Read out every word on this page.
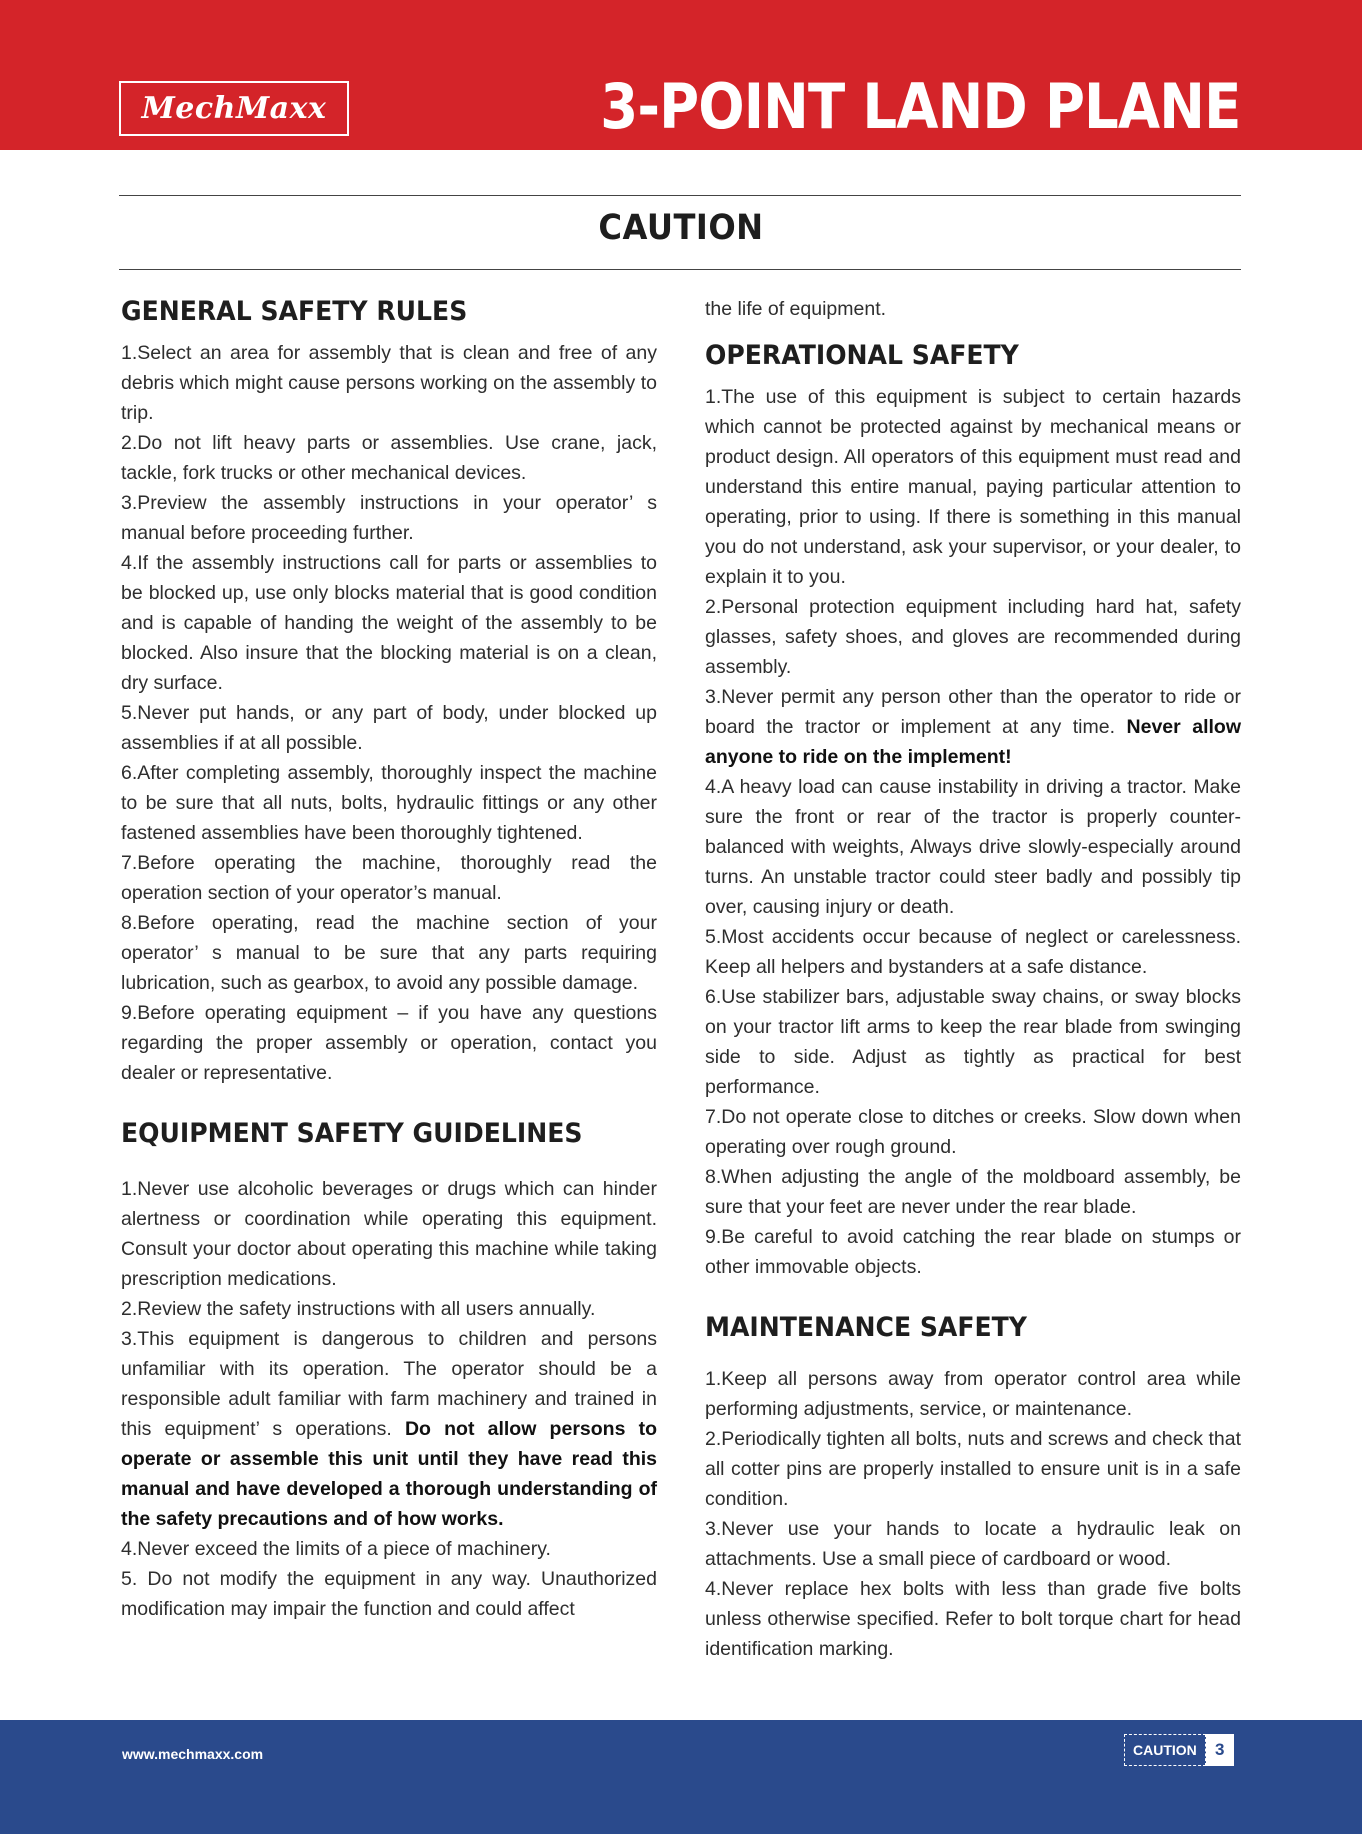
MechMaxx	3-POINT LAND PLANE
CAUTION
GENERAL SAFETY RULES

1.Select an area for assembly that is clean and free of any debris which might cause persons working on the assembly to trip.

2.Do not lift heavy parts or assemblies. Use crane, jack, tackle, fork trucks or other mechanical devices.

3.Preview the assembly instructions in your operator’ s manual before proceeding further.

4.If the assembly instructions call for parts or assemblies to be blocked up, use only blocks material that is good condition and is capable of handing the weight of the assembly to be blocked. Also insure that the blocking material is on a clean, dry surface.

5.Never put hands, or any part of body, under blocked up assemblies if at all possible.

6.After completing assembly, thoroughly inspect the machine to be sure that all nuts, bolts, hydraulic fittings or any other fastened assemblies have been thoroughly tightened.

7.Before operating the machine, thoroughly read the operation section of your operator’s manual.

8.Before operating, read the machine section of your operator’ s manual to be sure that any parts requiring lubrication, such as gearbox, to avoid any possible damage.

9.Before operating equipment – if you have any questions regarding the proper assembly or operation, contact you dealer or representative.

EQUIPMENT SAFETY GUIDELINES

1.Never use alcoholic beverages or drugs which can hinder alertness or coordination while operating this equipment. Consult your doctor about operating this machine while taking prescription medications.

2.Review the safety instructions with all users annually.

3.This equipment is dangerous to children and persons unfamiliar with its operation. The operator should be a responsible adult familiar with farm machinery and trained in this equipment’ s operations. Do not allow persons to operate or assemble this unit until they have read this manual and have developed a thorough understanding of the safety precautions and of how works.

4.Never exceed the limits of a piece of machinery.

5. Do not modify the equipment in any way. Unauthorized modification may impair the function and could affect

the life of equipment.

OPERATIONAL SAFETY

1.The use of this equipment is subject to certain hazards which cannot be protected against by mechanical means or product design. All operators of this equipment must read and understand this entire manual, paying particular attention to operating, prior to using. If there is something in this manual you do not understand, ask your supervisor, or your dealer, to explain it to you.

2.Personal protection equipment including hard hat, safety glasses, safety shoes, and gloves are recommended during assembly.

3.Never permit any person other than the operator to ride or board the tractor or implement at any time. Never allow anyone to ride on the implement!

4.A heavy load can cause instability in driving a tractor. Make sure the front or rear of the tractor is properly counter-balanced with weights, Always drive slowly-especially around turns. An unstable tractor could steer badly and possibly tip over, causing injury or death.

5.Most accidents occur because of neglect or carelessness. Keep all helpers and bystanders at a safe distance.

6.Use stabilizer bars, adjustable sway chains, or sway blocks on your tractor lift arms to keep the rear blade from swinging side to side. Adjust as tightly as practical for best performance.

7.Do not operate close to ditches or creeks. Slow down when operating over rough ground.

8.When adjusting the angle of the moldboard assembly, be sure that your feet are never under the rear blade.

9.Be careful to avoid catching the rear blade on stumps or other immovable objects.

MAINTENANCE SAFETY

1.Keep all persons away from operator control area while performing adjustments, service, or maintenance.

2.Periodically tighten all bolts, nuts and screws and check that all cotter pins are properly installed to ensure unit is in a safe condition.

3.Never use your hands to locate a hydraulic leak on attachments. Use a small piece of cardboard or wood.

4.Never replace hex bolts with less than grade five bolts unless otherwise specified. Refer to bolt torque chart for head identification marking.

www.mechmaxx.com	CAUTION	3
